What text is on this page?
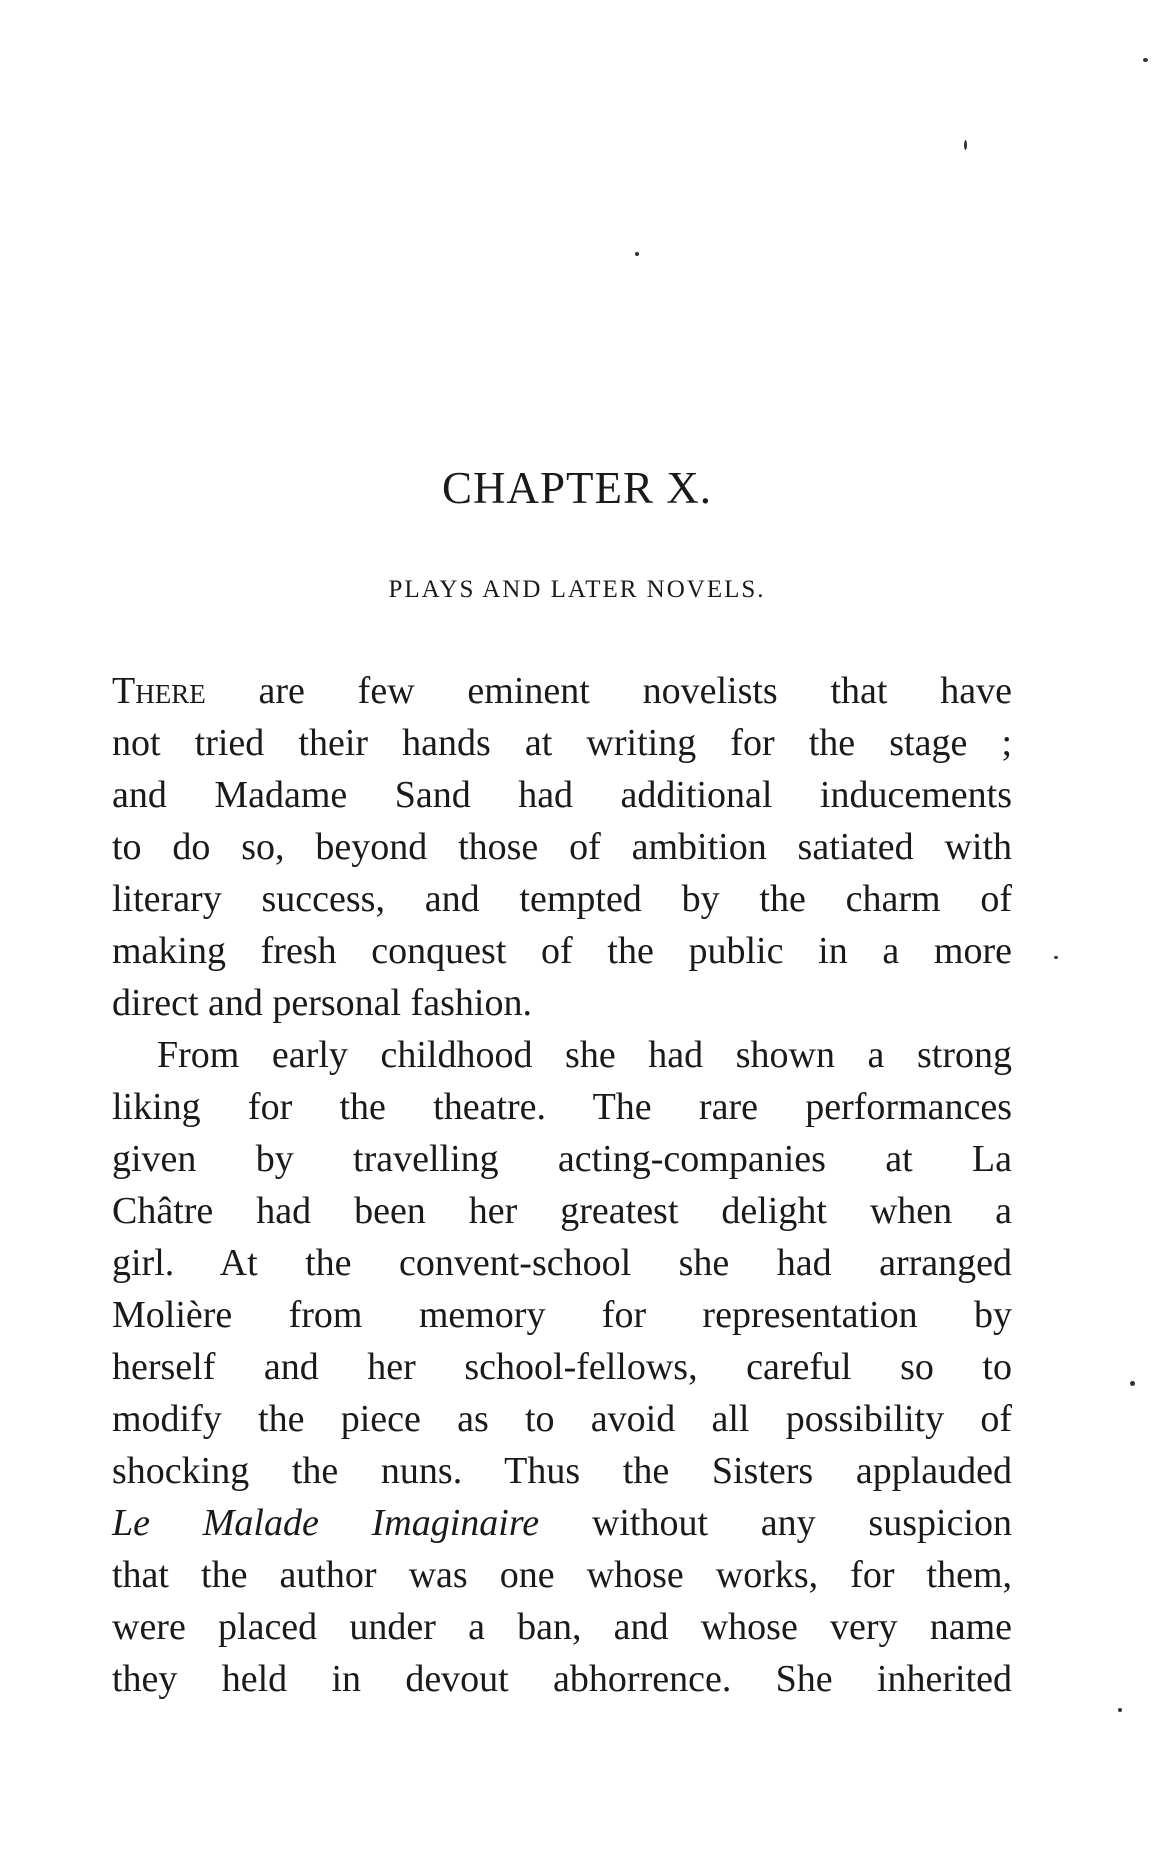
CHAPTER X.
PLAYS AND LATER NOVELS.
There are few eminent novelists that have
not tried their hands at writing for the stage ;
and Madame Sand had additional inducements
to do so, beyond those of ambition satiated with
literary success, and tempted by the charm of
making fresh conquest of the public in a more
direct and personal fashion.
From early childhood she had shown a strong
liking for the theatre. The rare performances
given by travelling acting-companies at La
Châtre had been her greatest delight when a
girl. At the convent-school she had arranged
Molière from memory for representation by
herself and her school-fellows, careful so to
modify the piece as to avoid all possibility of
shocking the nuns. Thus the Sisters applauded
Le Malade Imaginaire without any suspicion
that the author was one whose works, for them,
were placed under a ban, and whose very name
they held in devout abhorrence. She inherited
